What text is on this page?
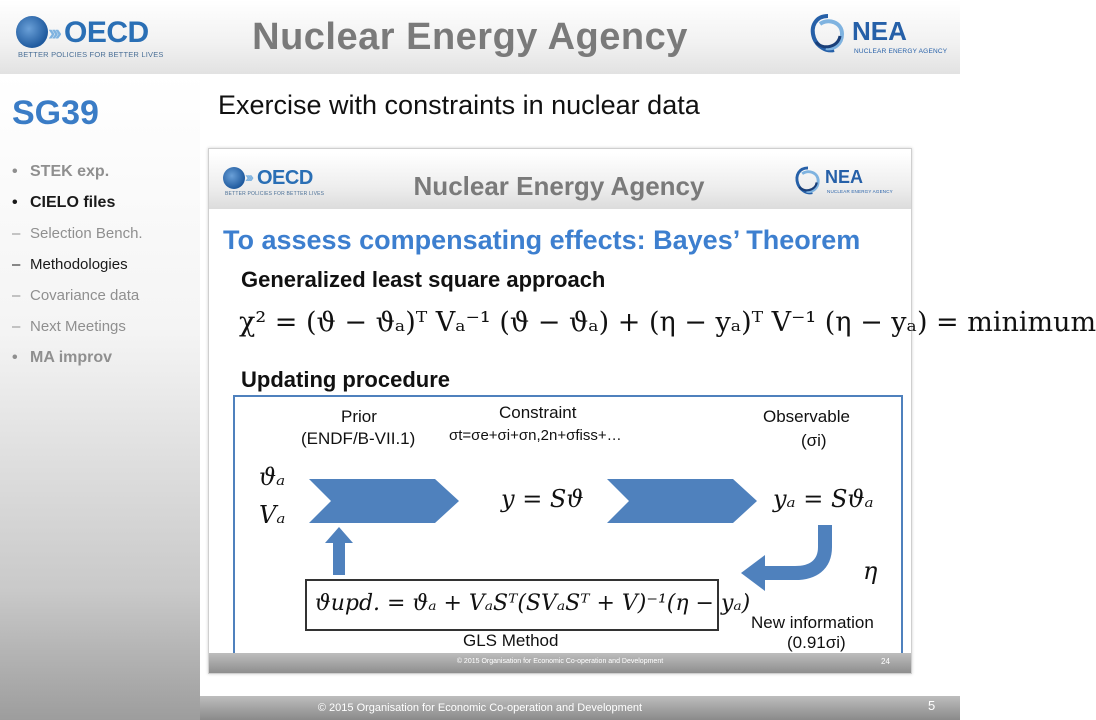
››› OECD
BETTER POLICIES FOR BETTER LIVES	Nuclear Energy Agency	NEA
NUCLEAR ENERGY AGENCY
SG39
• STEK exp.
• CIELO files
– Selection Bench.
– Methodologies
– Covariance data
– Next Meetings
• MA improv
Exercise with constraints in nuclear data
››› OECD
BETTER POLICIES FOR BETTER LIVES	Nuclear Energy Agency	NEA
NUCLEAR ENERGY AGENCY
To assess compensating effects: Bayes’ Theorem
Generalized least square approach
χ² = (ϑ − ϑₐ)ᵀ Vₐ⁻¹ (ϑ − ϑₐ) + (η − yₐ)ᵀ V⁻¹ (η − yₐ) = minimum
Updating procedure
Prior
(ENDF/B-VII.1)
Constraint
σt=σe+σi+σn,2n+σfiss+…
Observable
(σi)
ϑₐ
Vₐ
y = Sϑ	yₐ = Sϑₐ
η
ϑupd. = ϑₐ + VₐSᵀ(SVₐSᵀ + V)⁻¹(η − yₐ)
GLS Method
New information
(0.91σi)
© 2015 Organisation for Economic Co-operation and Development	24
© 2015 Organisation for Economic Co-operation and Development	5
